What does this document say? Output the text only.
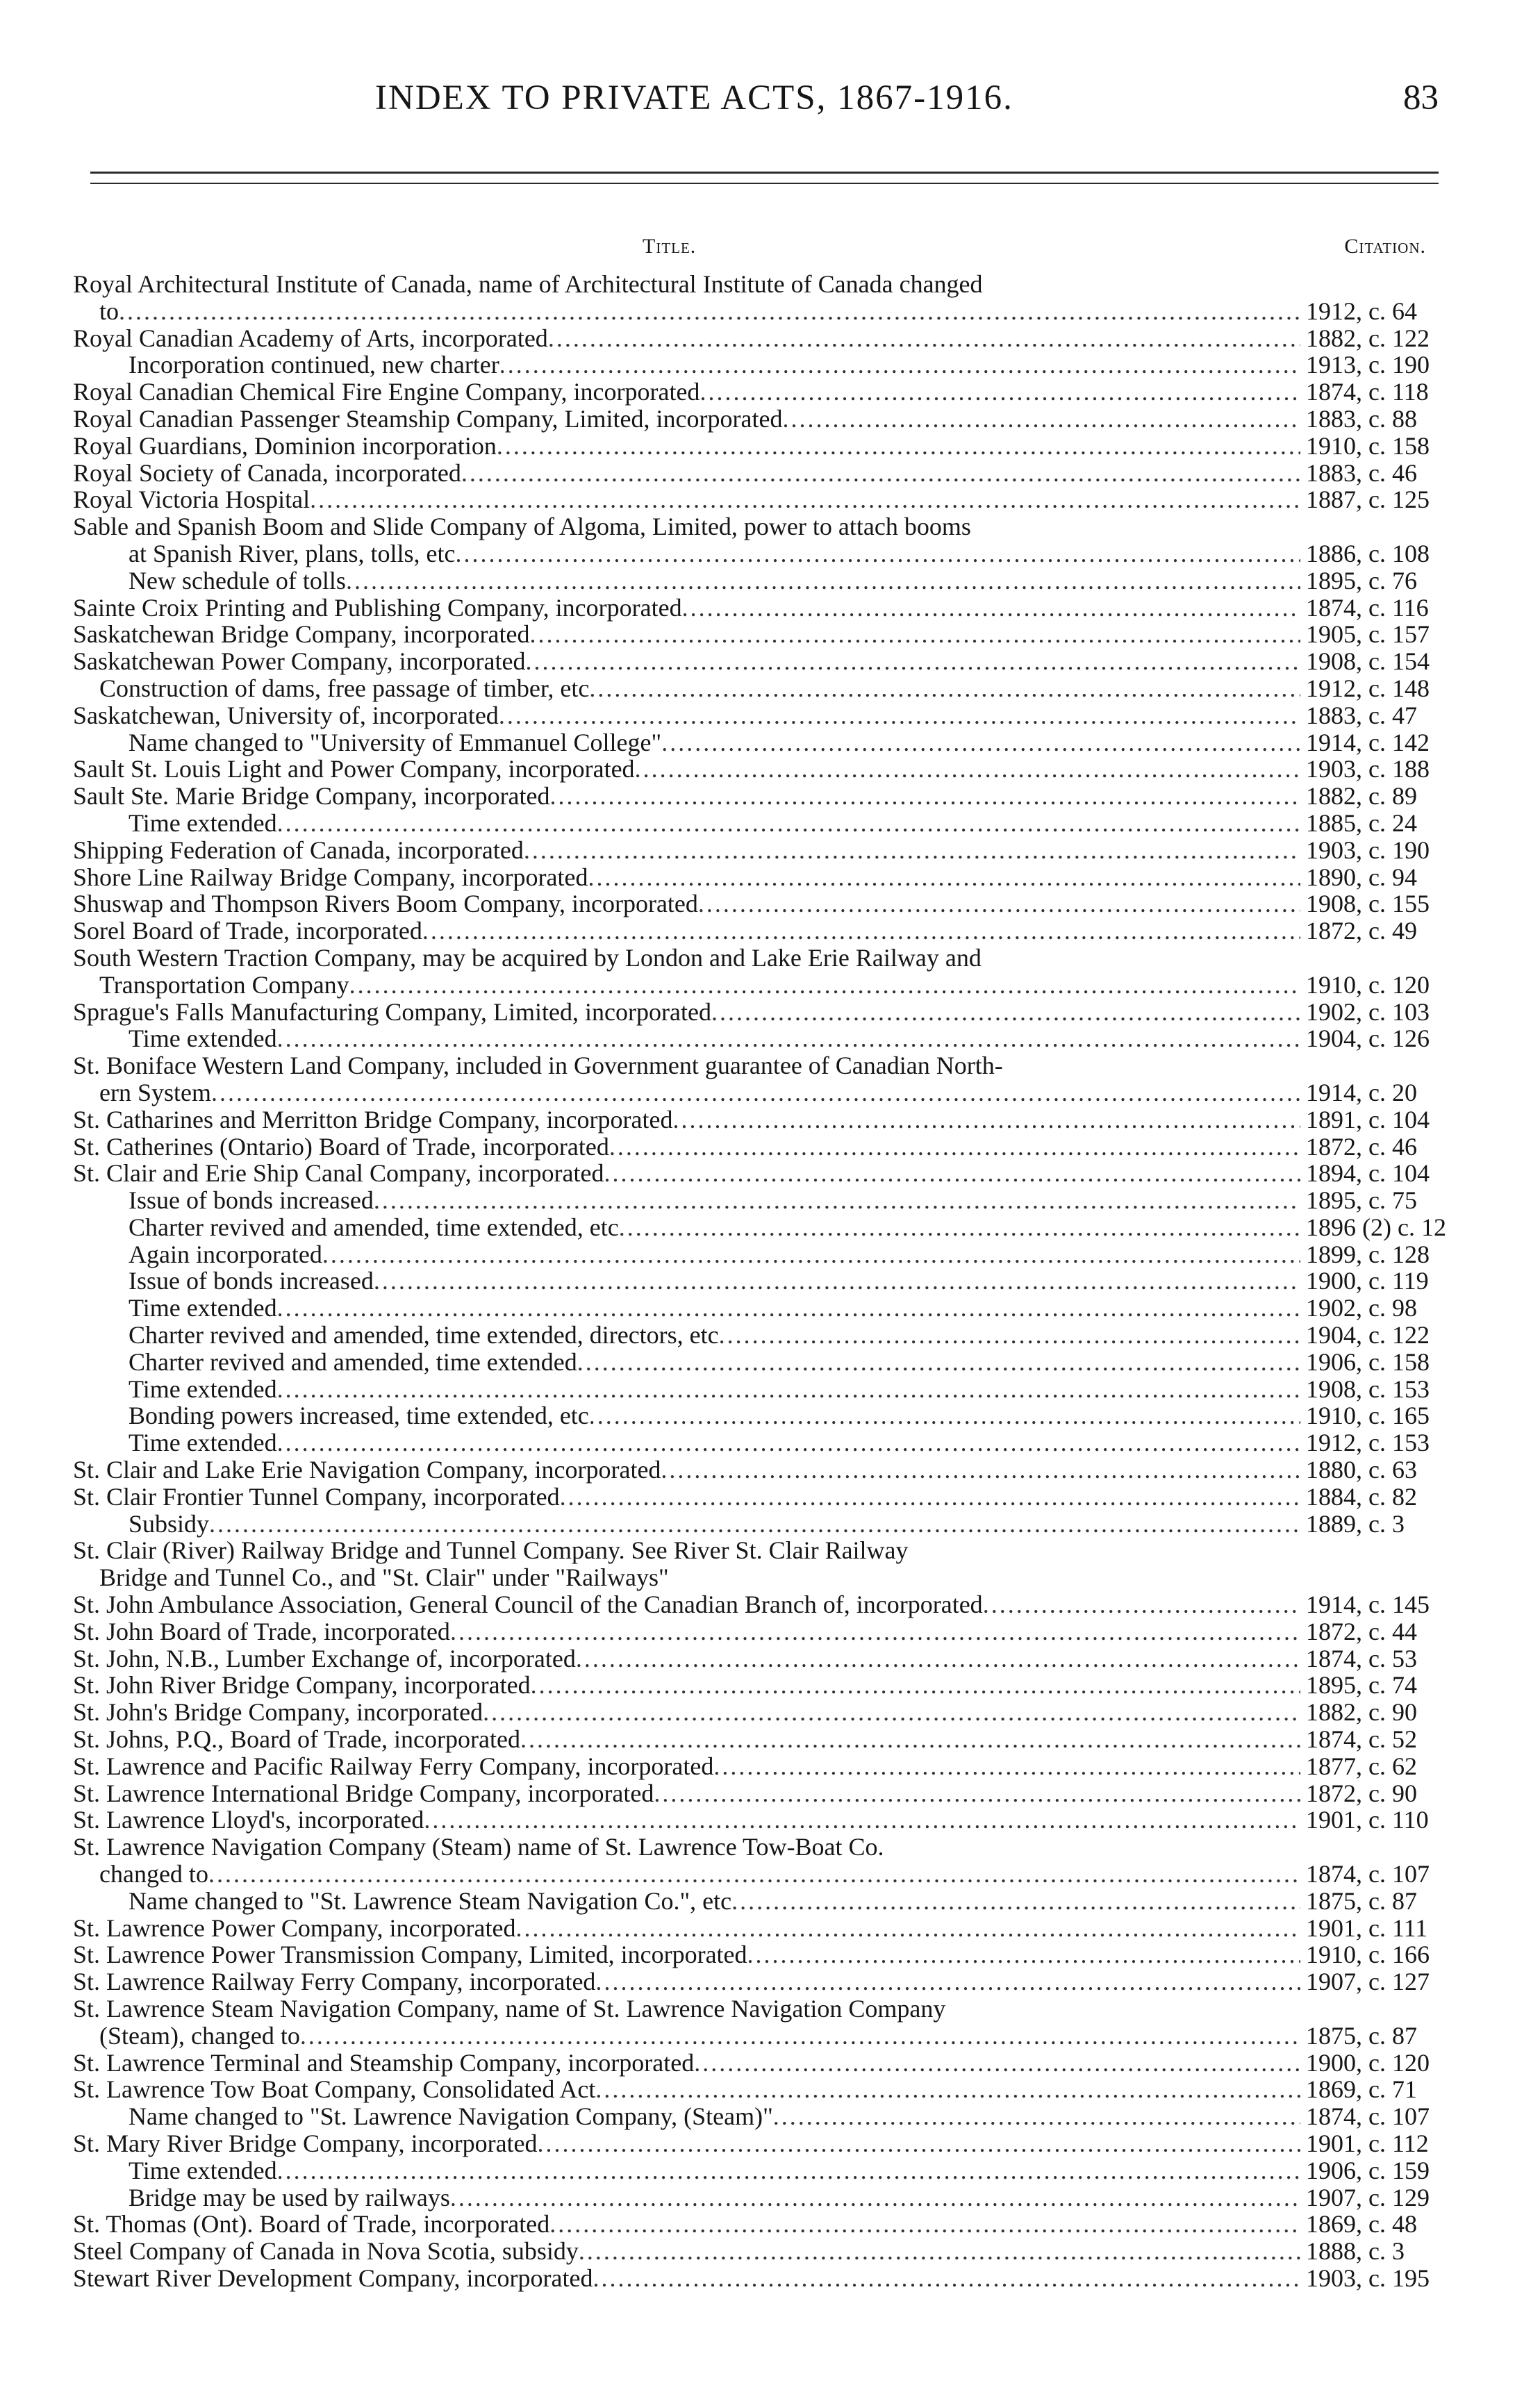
INDEX TO PRIVATE ACTS, 1867-1916.	83
Title.	Citation.
Royal Architectural Institute of Canada, name of Architectural Institute of Canada changed
to .....	1912, c. 64
Royal Canadian Academy of Arts, incorporated .....	1882, c. 122
Incorporation continued, new charter .....	1913, c. 190
Royal Canadian Chemical Fire Engine Company, incorporated .....	1874, c. 118
Royal Canadian Passenger Steamship Company, Limited, incorporated .....	1883, c. 88
Royal Guardians, Dominion incorporation .....	1910, c. 158
Royal Society of Canada, incorporated .....	1883, c. 46
Royal Victoria Hospital .....	1887, c. 125
Sable and Spanish Boom and Slide Company of Algoma, Limited, power to attach booms
at Spanish River, plans, tolls, etc .....	1886, c. 108
New schedule of tolls .....	1895, c. 76
Sainte Croix Printing and Publishing Company, incorporated .....	1874, c. 116
Saskatchewan Bridge Company, incorporated .....	1905, c. 157
Saskatchewan Power Company, incorporated .....	1908, c. 154
Construction of dams, free passage of timber, etc .....	1912, c. 148
Saskatchewan, University of, incorporated .....	1883, c. 47
Name changed to "University of Emmanuel College" .....	1914, c. 142
Sault St. Louis Light and Power Company, incorporated .....	1903, c. 188
Sault Ste. Marie Bridge Company, incorporated .....	1882, c. 89
Time extended .....	1885, c. 24
Shipping Federation of Canada, incorporated .....	1903, c. 190
Shore Line Railway Bridge Company, incorporated .....	1890, c. 94
Shuswap and Thompson Rivers Boom Company, incorporated .....	1908, c. 155
Sorel Board of Trade, incorporated .....	1872, c. 49
South Western Traction Company, may be acquired by London and Lake Erie Railway and
Transportation Company .....	1910, c. 120
Sprague's Falls Manufacturing Company, Limited, incorporated .....	1902, c. 103
Time extended .....	1904, c. 126
St. Boniface Western Land Company, included in Government guarantee of Canadian North-
ern System .....	1914, c. 20
St. Catharines and Merritton Bridge Company, incorporated .....	1891, c. 104
St. Catherines (Ontario) Board of Trade, incorporated .....	1872, c. 46
St. Clair and Erie Ship Canal Company, incorporated .....	1894, c. 104
Issue of bonds increased .....	1895, c. 75
Charter revived and amended, time extended, etc .....	1896 (2) c. 12
Again incorporated .....	1899, c. 128
Issue of bonds increased .....	1900, c. 119
Time extended .....	1902, c. 98
Charter revived and amended, time extended, directors, etc .....	1904, c. 122
Charter revived and amended, time extended .....	1906, c. 158
Time extended .....	1908, c. 153
Bonding powers increased, time extended, etc .....	1910, c. 165
Time extended .....	1912, c. 153
St. Clair and Lake Erie Navigation Company, incorporated .....	1880, c. 63
St. Clair Frontier Tunnel Company, incorporated .....	1884, c. 82
Subsidy .....	1889, c. 3
St. Clair (River) Railway Bridge and Tunnel Company. See River St. Clair Railway
Bridge and Tunnel Co., and "St. Clair" under "Railways"
St. John Ambulance Association, General Council of the Canadian Branch of, incorporated .....	1914, c. 145
St. John Board of Trade, incorporated .....	1872, c. 44
St. John, N.B., Lumber Exchange of, incorporated .....	1874, c. 53
St. John River Bridge Company, incorporated .....	1895, c. 74
St. John's Bridge Company, incorporated .....	1882, c. 90
St. Johns, P.Q., Board of Trade, incorporated .....	1874, c. 52
St. Lawrence and Pacific Railway Ferry Company, incorporated .....	1877, c. 62
St. Lawrence International Bridge Company, incorporated .....	1872, c. 90
St. Lawrence Lloyd's, incorporated .....	1901, c. 110
St. Lawrence Navigation Company (Steam) name of St. Lawrence Tow-Boat Co.
changed to .....	1874, c. 107
Name changed to "St. Lawrence Steam Navigation Co.", etc .....	1875, c. 87
St. Lawrence Power Company, incorporated .....	1901, c. 111
St. Lawrence Power Transmission Company, Limited, incorporated .....	1910, c. 166
St. Lawrence Railway Ferry Company, incorporated .....	1907, c. 127
St. Lawrence Steam Navigation Company, name of St. Lawrence Navigation Company
(Steam), changed to .....	1875, c. 87
St. Lawrence Terminal and Steamship Company, incorporated .....	1900, c. 120
St. Lawrence Tow Boat Company, Consolidated Act .....	1869, c. 71
Name changed to "St. Lawrence Navigation Company, (Steam)" .....	1874, c. 107
St. Mary River Bridge Company, incorporated .....	1901, c. 112
Time extended .....	1906, c. 159
Bridge may be used by railways .....	1907, c. 129
St. Thomas (Ont). Board of Trade, incorporated .....	1869, c. 48
Steel Company of Canada in Nova Scotia, subsidy .....	1888, c. 3
Stewart River Development Company, incorporated .....	1903, c. 195
